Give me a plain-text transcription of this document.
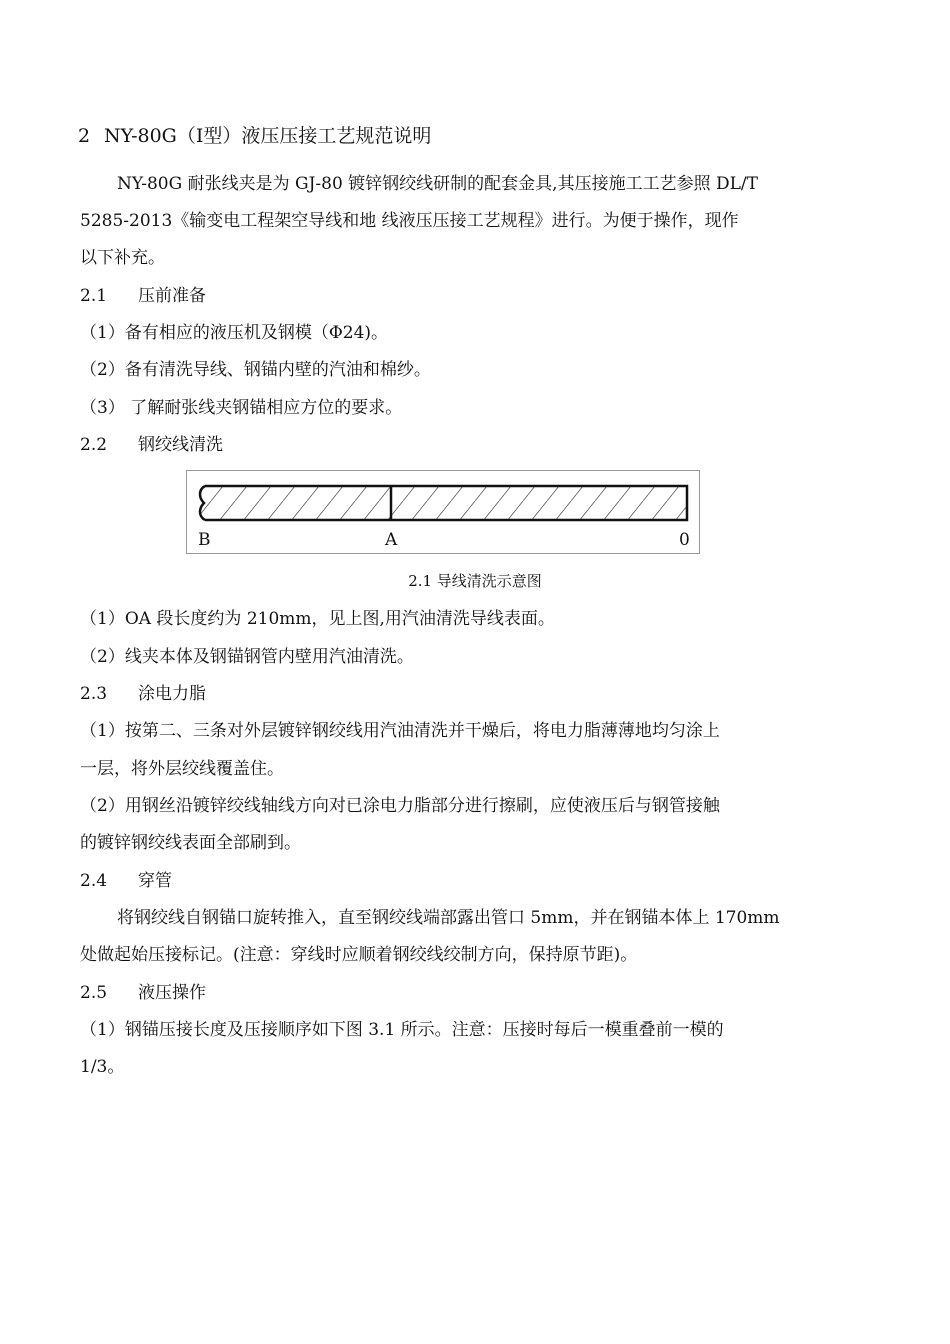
2 NY-80G（Ⅰ型）液压压接工艺规范说明
NY-80G 耐张线夹是为 GJ-80 镀锌钢绞线研制的配套金具,其压接施工工艺参照 DL/T
5285-2013《输变电工程架空导线和地 线液压压接工艺规程》进行。为便于操作，现作
以下补充。
2.1 压前准备
（1）备有相应的液压机及钢模（Φ24)。
（2）备有清洗导线、钢锚内壁的汽油和棉纱。
（3） 了解耐张线夹钢锚相应方位的要求。
2.2 钢绞线清洗
B	A	0
2.1 导线清洗示意图
（1）OA 段长度约为 210mm，见上图,用汽油清洗导线表面。
（2）线夹本体及钢锚钢管内壁用汽油清洗。
2.3 涂电力脂
（1）按第二、三条对外层镀锌钢绞线用汽油清洗并干燥后，将电力脂薄薄地均匀涂上
一层，将外层绞线覆盖住。
（2）用钢丝沿镀锌绞线轴线方向对已涂电力脂部分进行擦刷，应使液压后与钢管接触
的镀锌钢绞线表面全部刷到。
2.4 穿管
将钢绞线自钢锚口旋转推入，直至钢绞线端部露出管口 5mm，并在钢锚本体上 170mm
处做起始压接标记。(注意：穿线时应顺着钢绞线绞制方向，保持原节距)。
2.5 液压操作
（1）钢锚压接长度及压接顺序如下图 3.1 所示。注意：压接时每后一模重叠前一模的
1/3。
